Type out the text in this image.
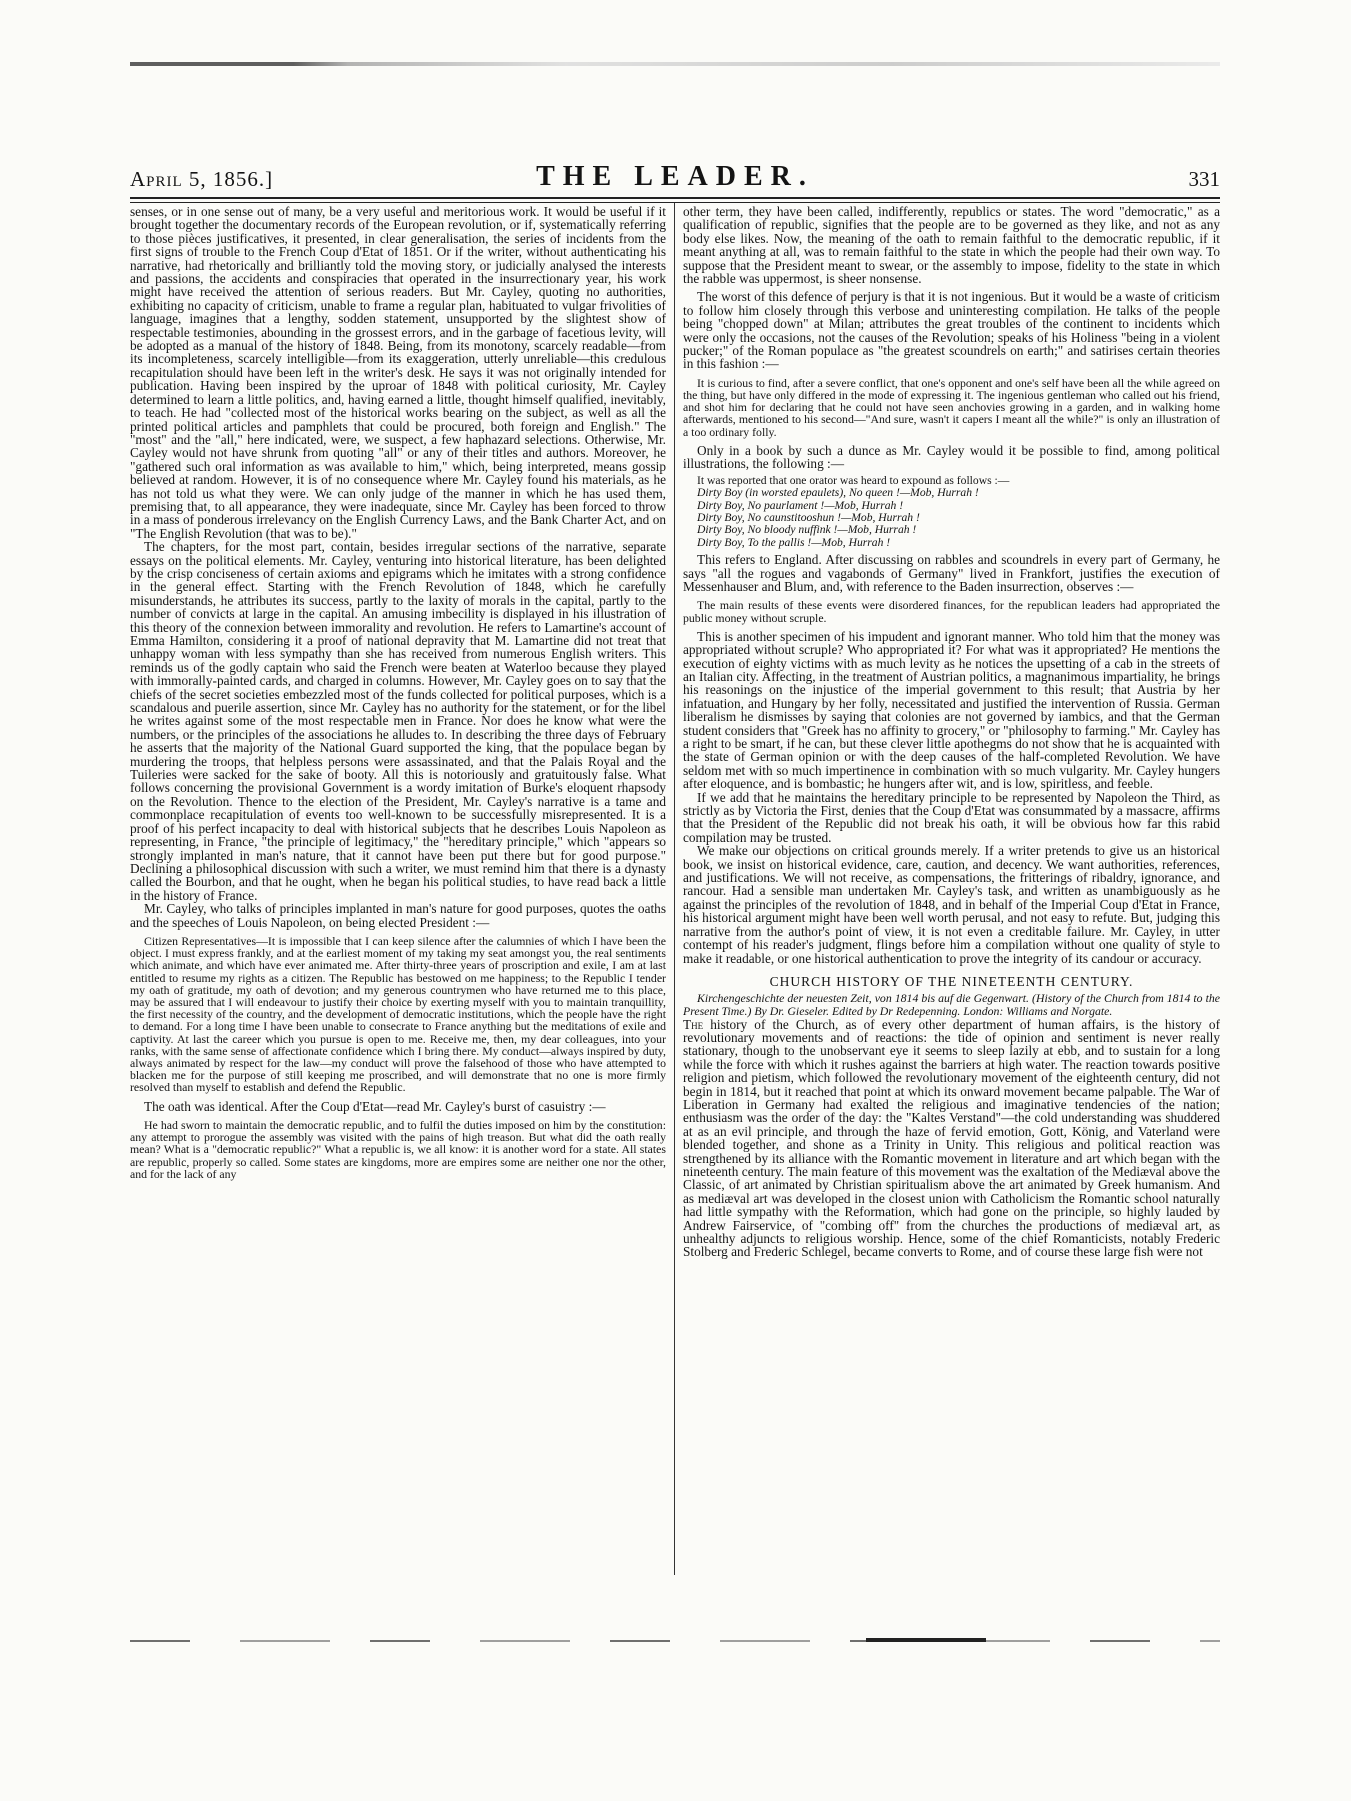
April 5, 1856.]	THE LEADER.	331

senses, or in one sense out of many, be a very useful and meritorious work. It would be useful if it brought together the documentary records of the European revolution, or if, systematically referring to those pièces justificatives, it presented, in clear generalisation, the series of incidents from the first signs of trouble to the French Coup d'Etat of 1851. Or if the writer, without authenticating his narrative, had rhetorically and brilliantly told the moving story, or judicially analysed the interests and passions, the accidents and conspiracies that operated in the insurrectionary year, his work might have received the attention of serious readers. But Mr. Cayley, quoting no authorities, exhibiting no capacity of criticism, unable to frame a regular plan, habituated to vulgar frivolities of language, imagines that a lengthy, sodden statement, unsupported by the slightest show of respectable testimonies, abounding in the grossest errors, and in the garbage of facetious levity, will be adopted as a manual of the history of 1848. Being, from its monotony, scarcely readable—from its incompleteness, scarcely intelligible—from its exaggeration, utterly unreliable—this credulous recapitulation should have been left in the writer's desk. He says it was not originally intended for publication. Having been inspired by the uproar of 1848 with political curiosity, Mr. Cayley determined to learn a little politics, and, having earned a little, thought himself qualified, inevitably, to teach. He had "collected most of the historical works bearing on the subject, as well as all the printed political articles and pamphlets that could be procured, both foreign and English." The "most" and the "all," here indicated, were, we suspect, a few haphazard selections. Otherwise, Mr. Cayley would not have shrunk from quoting "all" or any of their titles and authors. Moreover, he "gathered such oral information as was available to him," which, being interpreted, means gossip believed at random. However, it is of no consequence where Mr. Cayley found his materials, as he has not told us what they were. We can only judge of the manner in which he has used them, premising that, to all appearance, they were inadequate, since Mr. Cayley has been forced to throw in a mass of ponderous irrelevancy on the English Currency Laws, and the Bank Charter Act, and on "The English Revolution (that was to be)."

The chapters, for the most part, contain, besides irregular sections of the narrative, separate essays on the political elements. Mr. Cayley, venturing into historical literature, has been delighted by the crisp conciseness of certain axioms and epigrams which he imitates with a strong confidence in the general effect. Starting with the French Revolution of 1848, which he carefully misunderstands, he attributes its success, partly to the laxity of morals in the capital, partly to the number of convicts at large in the capital. An amusing imbecility is displayed in his illustration of this theory of the connexion between immorality and revolution. He refers to Lamartine's account of Emma Hamilton, considering it a proof of national depravity that M. Lamartine did not treat that unhappy woman with less sympathy than she has received from numerous English writers. This reminds us of the godly captain who said the French were beaten at Waterloo because they played with immorally-painted cards, and charged in columns. However, Mr. Cayley goes on to say that the chiefs of the secret societies embezzled most of the funds collected for political purposes, which is a scandalous and puerile assertion, since Mr. Cayley has no authority for the statement, or for the libel he writes against some of the most respectable men in France. Nor does he know what were the numbers, or the principles of the associations he alludes to. In describing the three days of February he asserts that the majority of the National Guard supported the king, that the populace began by murdering the troops, that helpless persons were assassinated, and that the Palais Royal and the Tuileries were sacked for the sake of booty. All this is notoriously and gratuitously false. What follows concerning the provisional Government is a wordy imitation of Burke's eloquent rhapsody on the Revolution. Thence to the election of the President, Mr. Cayley's narrative is a tame and commonplace recapitulation of events too well-known to be successfully misrepresented. It is a proof of his perfect incapacity to deal with historical subjects that he describes Louis Napoleon as representing, in France, "the principle of legitimacy," the "hereditary principle," which "appears so strongly implanted in man's nature, that it cannot have been put there but for good purpose." Declining a philosophical discussion with such a writer, we must remind him that there is a dynasty called the Bourbon, and that he ought, when he began his political studies, to have read back a little in the history of France.

Mr. Cayley, who talks of principles implanted in man's nature for good purposes, quotes the oaths and the speeches of Louis Napoleon, on being elected President :—

Citizen Representatives—It is impossible that I can keep silence after the calumnies of which I have been the object. I must express frankly, and at the earliest moment of my taking my seat amongst you, the real sentiments which animate, and which have ever animated me. After thirty-three years of proscription and exile, I am at last entitled to resume my rights as a citizen. The Republic has bestowed on me happiness; to the Republic I tender my oath of gratitude, my oath of devotion; and my generous countrymen who have returned me to this place, may be assured that I will endeavour to justify their choice by exerting myself with you to maintain tranquillity, the first necessity of the country, and the development of democratic institutions, which the people have the right to demand. For a long time I have been unable to consecrate to France anything but the meditations of exile and captivity. At last the career which you pursue is open to me. Receive me, then, my dear colleagues, into your ranks, with the same sense of affectionate confidence which I bring there. My conduct—always inspired by duty, always animated by respect for the law—my conduct will prove the falsehood of those who have attempted to blacken me for the purpose of still keeping me proscribed, and will demonstrate that no one is more firmly resolved than myself to establish and defend the Republic.

The oath was identical. After the Coup d'Etat—read Mr. Cayley's burst of casuistry :—

He had sworn to maintain the democratic republic, and to fulfil the duties imposed on him by the constitution: any attempt to prorogue the assembly was visited with the pains of high treason. But what did the oath really mean? What is a "democratic republic?" What a republic is, we all know: it is another word for a state. All states are republic, properly so called. Some states are kingdoms, more are empires some are neither one nor the other, and for the lack of any

other term, they have been called, indifferently, republics or states. The word "democratic," as a qualification of republic, signifies that the people are to be governed as they like, and not as any body else likes. Now, the meaning of the oath to remain faithful to the democratic republic, if it meant anything at all, was to remain faithful to the state in which the people had their own way. To suppose that the President meant to swear, or the assembly to impose, fidelity to the state in which the rabble was uppermost, is sheer nonsense.

The worst of this defence of perjury is that it is not ingenious. But it would be a waste of criticism to follow him closely through this verbose and uninteresting compilation. He talks of the people being "chopped down" at Milan; attributes the great troubles of the continent to incidents which were only the occasions, not the causes of the Revolution; speaks of his Holiness "being in a violent pucker;" of the Roman populace as "the greatest scoundrels on earth;" and satirises certain theories in this fashion :—

It is curious to find, after a severe conflict, that one's opponent and one's self have been all the while agreed on the thing, but have only differed in the mode of expressing it. The ingenious gentleman who called out his friend, and shot him for declaring that he could not have seen anchovies growing in a garden, and in walking home afterwards, mentioned to his second—"And sure, wasn't it capers I meant all the while?" is only an illustration of a too ordinary folly.

Only in a book by such a dunce as Mr. Cayley would it be possible to find, among political illustrations, the following :—

It was reported that one orator was heard to expound as follows :—
Dirty Boy (in worsted epaulets), No queen !—Mob, Hurrah !
Dirty Boy, No paurlament !—Mob, Hurrah !
Dirty Boy, No caunstitooshun !—Mob, Hurrah !
Dirty Boy, No bloody nuffink !—Mob, Hurrah !
Dirty Boy, To the pallis !—Mob, Hurrah !

This refers to England. After discussing on rabbles and scoundrels in every part of Germany, he says "all the rogues and vagabonds of Germany" lived in Frankfort, justifies the execution of Messenhauser and Blum, and, with reference to the Baden insurrection, observes :—

The main results of these events were disordered finances, for the republican leaders had appropriated the public money without scruple.

This is another specimen of his impudent and ignorant manner. Who told him that the money was appropriated without scruple? Who appropriated it? For what was it appropriated? He mentions the execution of eighty victims with as much levity as he notices the upsetting of a cab in the streets of an Italian city. Affecting, in the treatment of Austrian politics, a magnanimous impartiality, he brings his reasonings on the injustice of the imperial government to this result; that Austria by her infatuation, and Hungary by her folly, necessitated and justified the intervention of Russia. German liberalism he dismisses by saying that colonies are not governed by iambics, and that the German student considers that "Greek has no affinity to grocery," or "philosophy to farming." Mr. Cayley has a right to be smart, if he can, but these clever little apothegms do not show that he is acquainted with the state of German opinion or with the deep causes of the half-completed Revolution. We have seldom met with so much impertinence in combination with so much vulgarity. Mr. Cayley hungers after eloquence, and is bombastic; he hungers after wit, and is low, spiritless, and feeble.

If we add that he maintains the hereditary principle to be represented by Napoleon the Third, as strictly as by Victoria the First, denies that the Coup d'Etat was consummated by a massacre, affirms that the President of the Republic did not break his oath, it will be obvious how far this rabid compilation may be trusted.

We make our objections on critical grounds merely. If a writer pretends to give us an historical book, we insist on historical evidence, care, caution, and decency. We want authorities, references, and justifications. We will not receive, as compensations, the fritterings of ribaldry, ignorance, and rancour. Had a sensible man undertaken Mr. Cayley's task, and written as unambiguously as he against the principles of the revolution of 1848, and in behalf of the Imperial Coup d'Etat in France, his historical argument might have been well worth perusal, and not easy to refute. But, judging this narrative from the author's point of view, it is not even a creditable failure. Mr. Cayley, in utter contempt of his reader's judgment, flings before him a compilation without one quality of style to make it readable, or one historical authentication to prove the integrity of its candour or accuracy.

CHURCH HISTORY OF THE NINETEENTH CENTURY.

Kirchengeschichte der neuesten Zeit, von 1814 bis auf die Gegenwart. (History of the Church from 1814 to the Present Time.) By Dr. Gieseler. Edited by Dr Redepenning. London: Williams and Norgate.

The history of the Church, as of every other department of human affairs, is the history of revolutionary movements and of reactions: the tide of opinion and sentiment is never really stationary, though to the unobservant eye it seems to sleep lazily at ebb, and to sustain for a long while the force with which it rushes against the barriers at high water. The reaction towards positive religion and pietism, which followed the revolutionary movement of the eighteenth century, did not begin in 1814, but it reached that point at which its onward movement became palpable. The War of Liberation in Germany had exalted the religious and imaginative tendencies of the nation; enthusiasm was the order of the day: the "Kaltes Verstand"—the cold understanding was shuddered at as an evil principle, and through the haze of fervid emotion, Gott, König, and Vaterland were blended together, and shone as a Trinity in Unity. This religious and political reaction was strengthened by its alliance with the Romantic movement in literature and art which began with the nineteenth century. The main feature of this movement was the exaltation of the Mediæval above the Classic, of art animated by Christian spiritualism above the art animated by Greek humanism. And as mediæval art was developed in the closest union with Catholicism the Romantic school naturally had little sympathy with the Reformation, which had gone on the principle, so highly lauded by Andrew Fairservice, of "combing off" from the churches the productions of mediæval art, as unhealthy adjuncts to religious worship. Hence, some of the chief Romanticists, notably Frederic Stolberg and Frederic Schlegel, became converts to Rome, and of course these large fish were not
